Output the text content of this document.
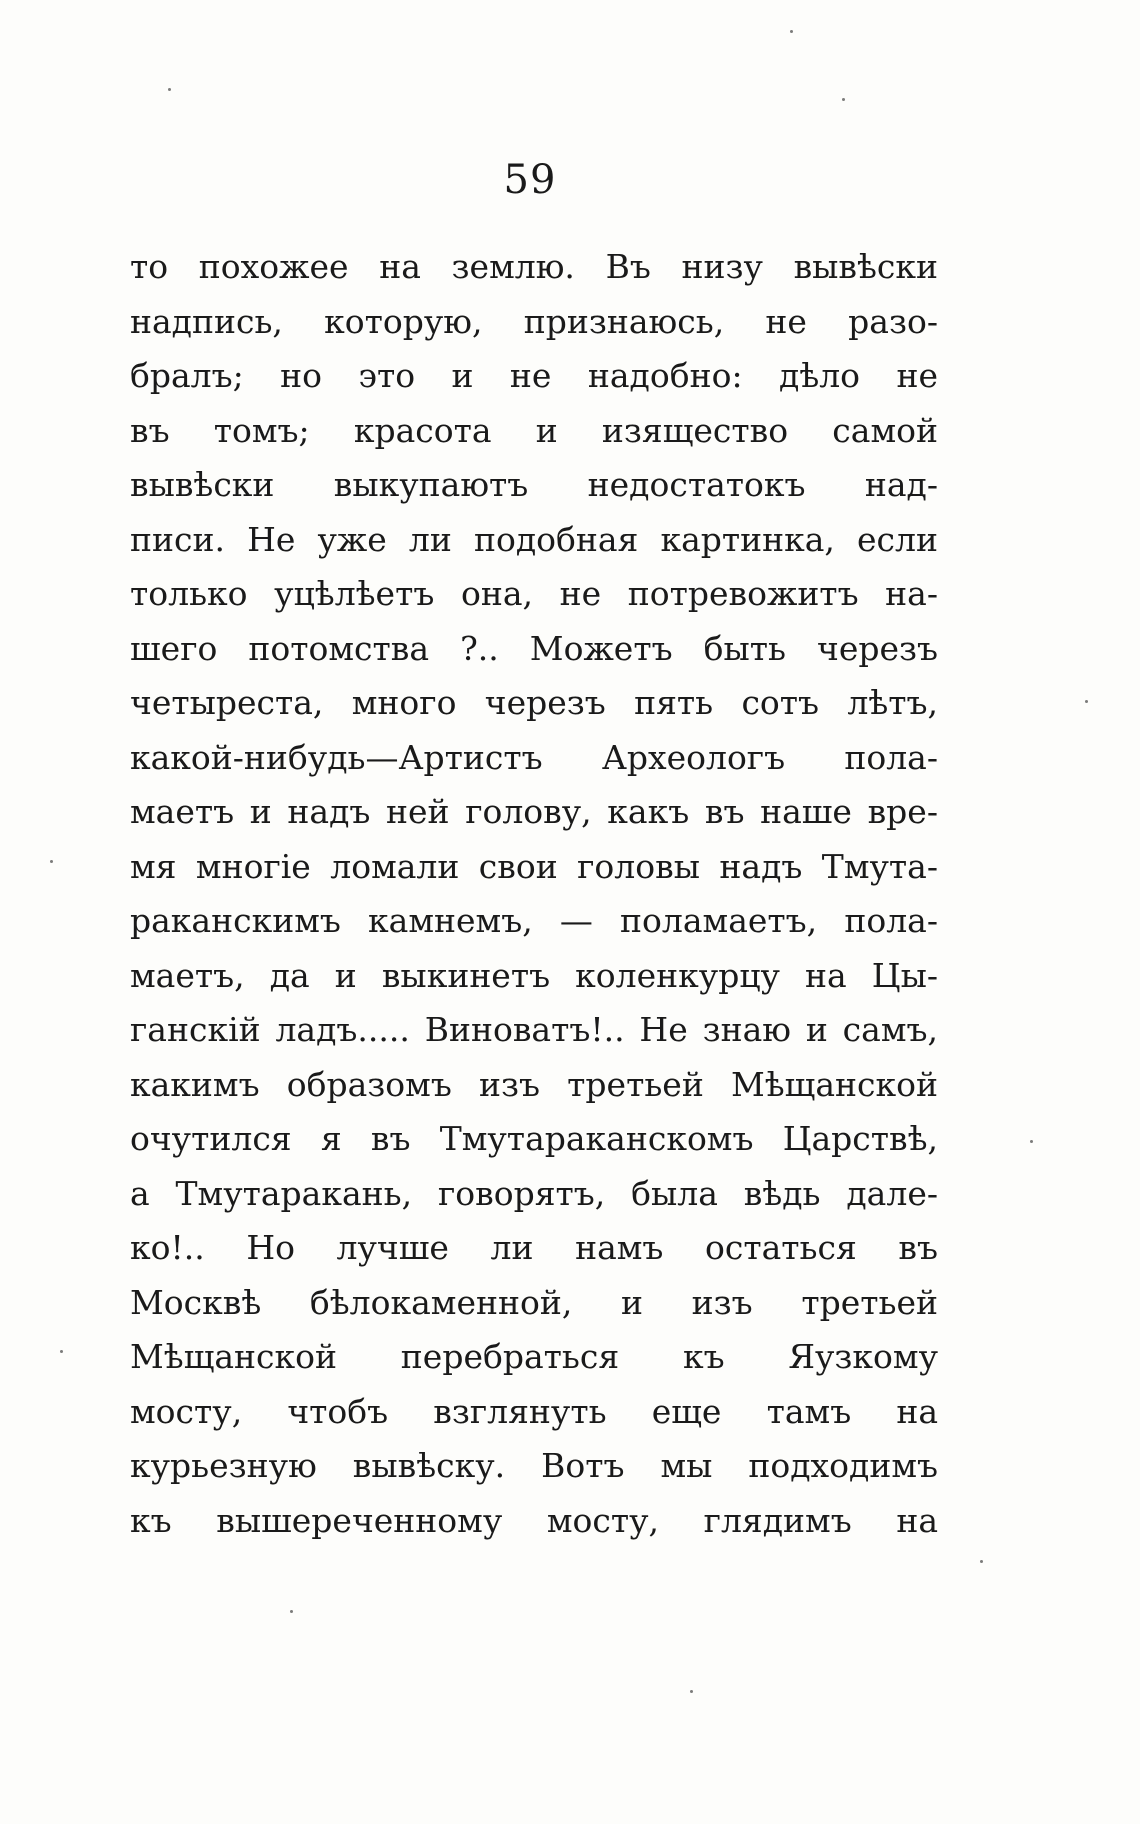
59
то похожее на землю. Въ низу вывѣски
надпись, которую, признаюсь, не разо-
бралъ; но это и не надобно: дѣло не
въ томъ; красота и изящество самой
вывѣски выкупаютъ недостатокъ над-
писи. Не уже ли подобная картинка, если
только уцѣлѣетъ она, не потревожитъ на-
шего потомства ?.. Можетъ быть черезъ
четыреста, много черезъ пять сотъ лѣтъ,
какой-нибудь—Артистъ Археологъ пола-
маетъ и надъ ней голову, какъ въ наше вре-
мя многіе ломали свои головы надъ Тмута-
раканскимъ камнемъ, — поламаетъ, пола-
маетъ, да и выкинетъ коленкурцу на Цы-
ганскій ладъ..... Виноватъ!.. Не знаю и самъ,
какимъ образомъ изъ третьей Мѣщанской
очутился я въ Тмутараканскомъ Царствѣ,
а Тмутаракань, говорятъ, была вѣдь дале-
ко!.. Но лучше ли намъ остаться въ
Москвѣ бѣлокаменной, и изъ третьей
Мѣщанской перебраться къ Яузкому
мосту, чтобъ взглянуть еще тамъ на
курьезную вывѣску. Вотъ мы подходимъ
къ вышереченному мосту, глядимъ на
